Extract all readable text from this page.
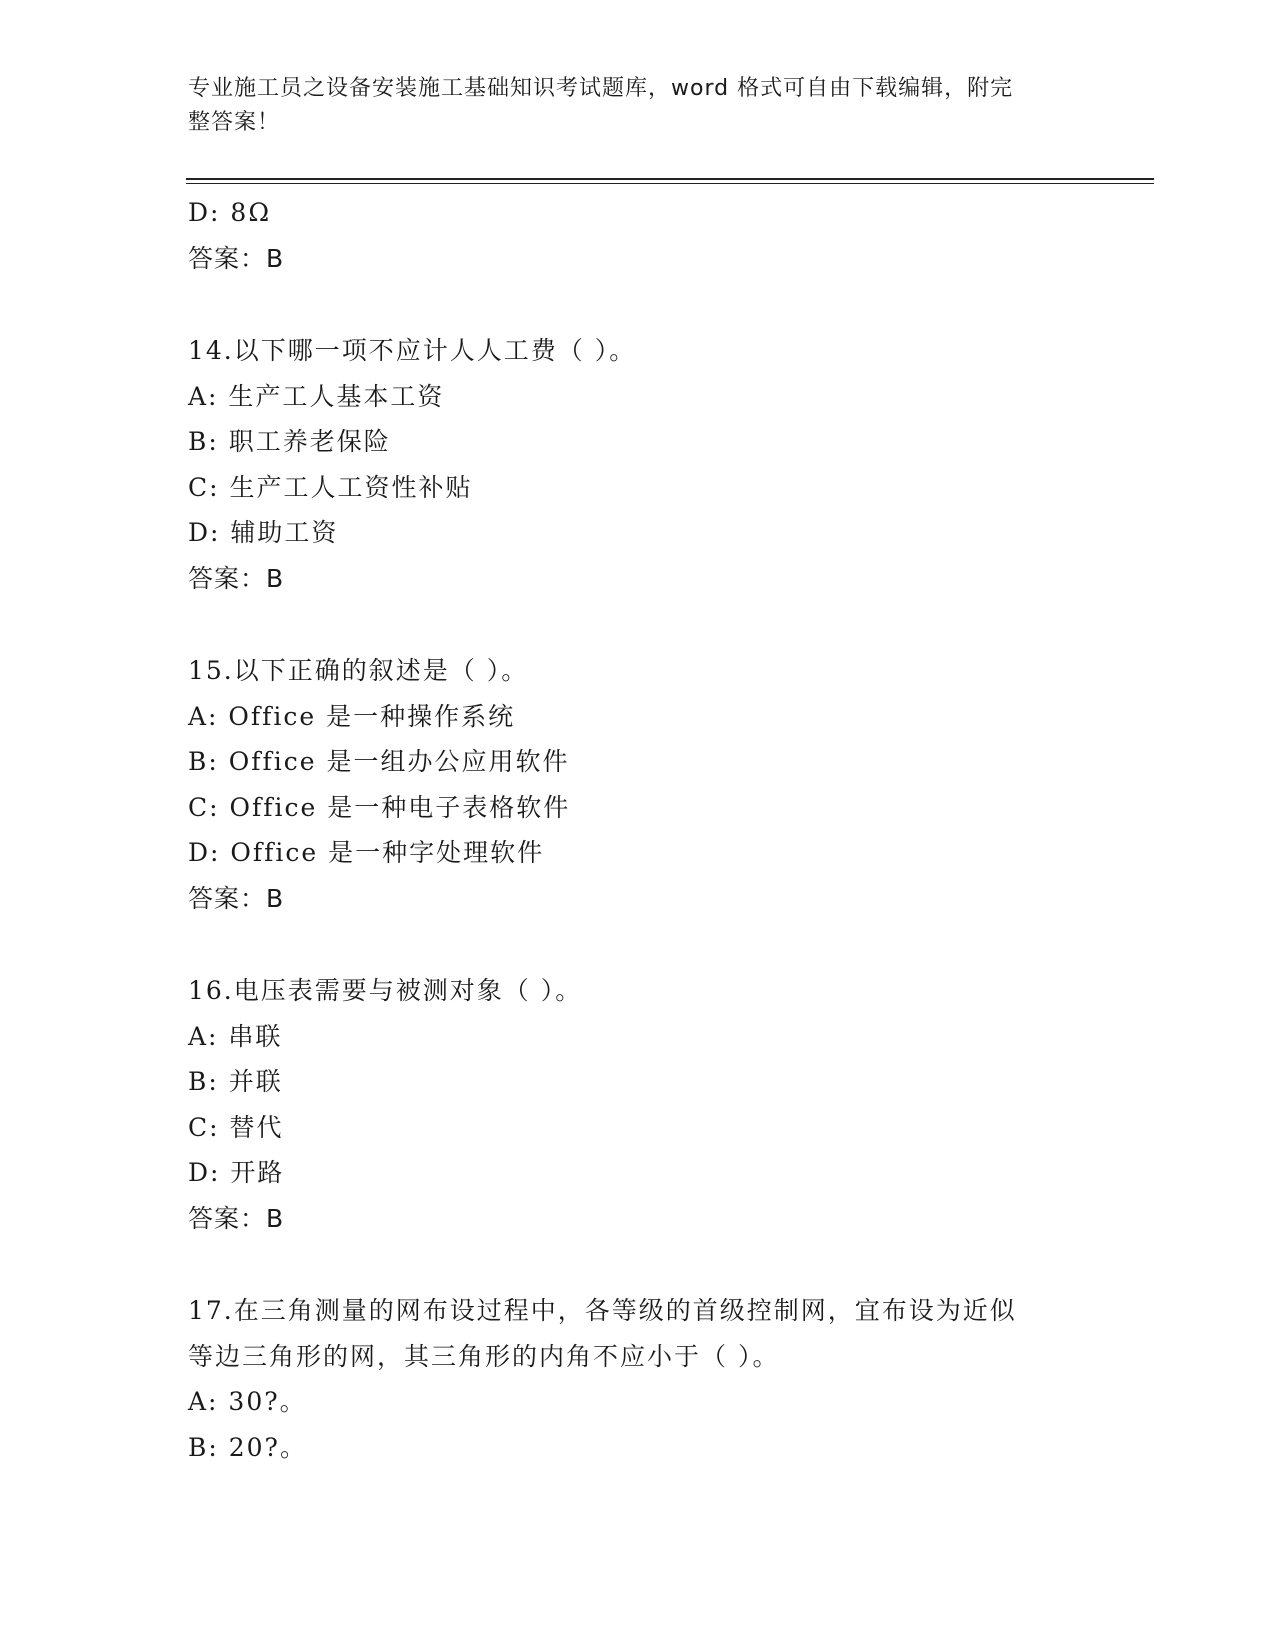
专业施工员之设备安装施工基础知识考试题库，word 格式可自由下载编辑，附完
整答案！
D: 8Ω
答案：B
14.以下哪一项不应计人人工费（ ）。
A: 生产工人基本工资
B: 职工养老保险
C: 生产工人工资性补贴
D: 辅助工资
答案：B
15.以下正确的叙述是（ ）。
A: Office 是一种操作系统
B: Office 是一组办公应用软件
C: Office 是一种电子表格软件
D: Office 是一种字处理软件
答案：B
16.电压表需要与被测对象（ ）。
A: 串联
B: 并联
C: 替代
D: 开路
答案：B
17.在三角测量的网布设过程中，各等级的首级控制网，宜布设为近似
等边三角形的网，其三角形的内角不应小于（ ）。
A: 30?。
B: 20?。
